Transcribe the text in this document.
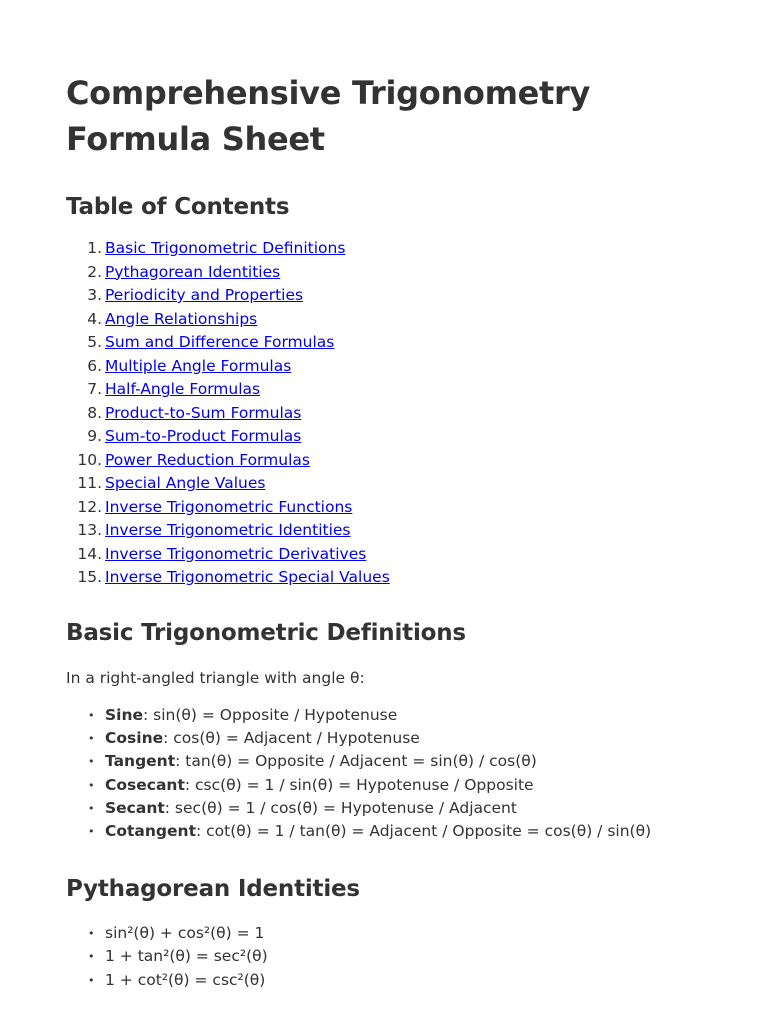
Comprehensive Trigonometry Formula Sheet
Table of Contents
1. Basic Trigonometric Definitions
2. Pythagorean Identities
3. Periodicity and Properties
4. Angle Relationships
5. Sum and Difference Formulas
6. Multiple Angle Formulas
7. Half-Angle Formulas
8. Product-to-Sum Formulas
9. Sum-to-Product Formulas
10. Power Reduction Formulas
11. Special Angle Values
12. Inverse Trigonometric Functions
13. Inverse Trigonometric Identities
14. Inverse Trigonometric Derivatives
15. Inverse Trigonometric Special Values
Basic Trigonometric Definitions

In a right-angled triangle with angle θ:

• Sine: sin(θ) = Opposite / Hypotenuse
• Cosine: cos(θ) = Adjacent / Hypotenuse
• Tangent: tan(θ) = Opposite / Adjacent = sin(θ) / cos(θ)
• Cosecant: csc(θ) = 1 / sin(θ) = Hypotenuse / Opposite
• Secant: sec(θ) = 1 / cos(θ) = Hypotenuse / Adjacent
• Cotangent: cot(θ) = 1 / tan(θ) = Adjacent / Opposite = cos(θ) / sin(θ)
Pythagorean Identities
• sin²(θ) + cos²(θ) = 1
• 1 + tan²(θ) = sec²(θ)
• 1 + cot²(θ) = csc²(θ)
